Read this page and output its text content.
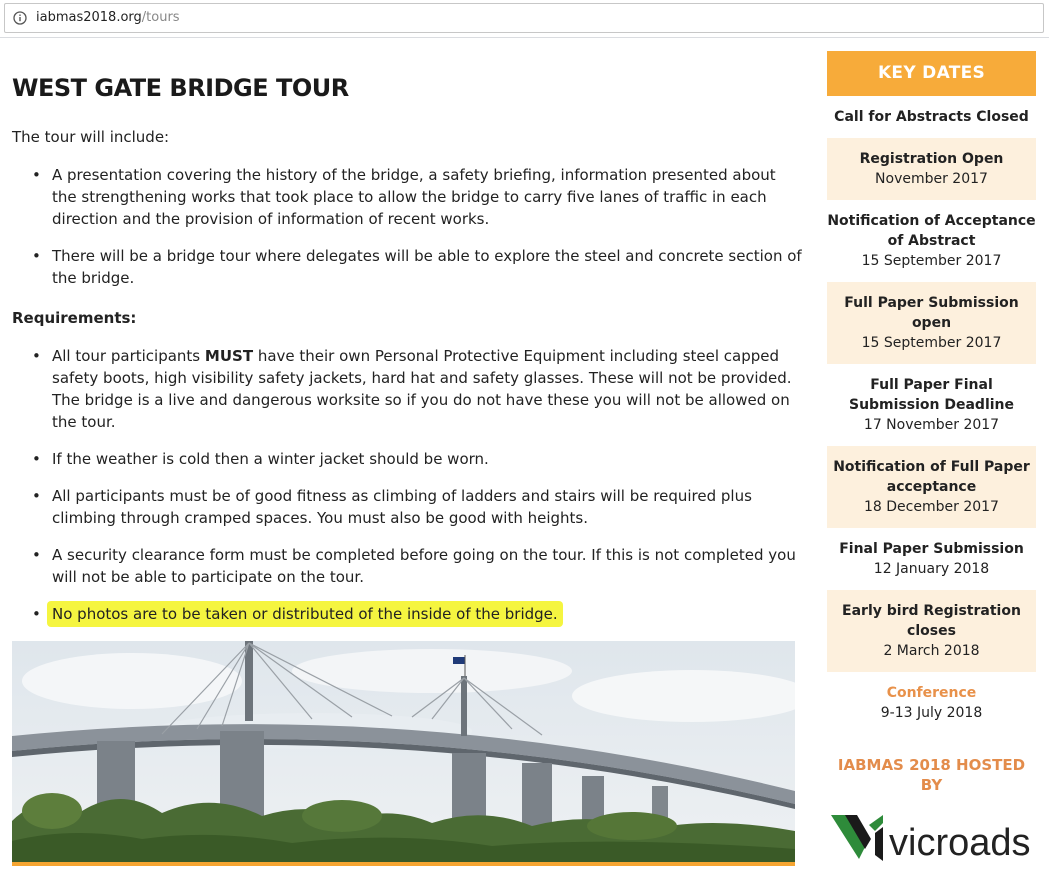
iabmas2018.org/tours
WEST GATE BRIDGE TOUR

The tour will include:

• A presentation covering the history of the bridge, a safety briefing, information presented about the strengthening works that took place to allow the bridge to carry five lanes of traffic in each direction and the provision of information of recent works.
• There will be a bridge tour where delegates will be able to explore the steel and concrete section of the bridge.

Requirements:

• All tour participants MUST have their own Personal Protective Equipment including steel capped safety boots, high visibility safety jackets, hard hat and safety glasses. These will not be provided. The bridge is a live and dangerous worksite so if you do not have these you will not be allowed on the tour.
• If the weather is cold then a winter jacket should be worn.
• All participants must be of good fitness as climbing of ladders and stairs will be required plus climbing through cramped spaces. You must also be good with heights.
• A security clearance form must be completed before going on the tour. If this is not completed you will not be able to participate on the tour.
• No photos are to be taken or distributed of the inside of the bridge.
KEY DATES
Call for Abstracts Closed
Registration Open
November 2017
Notification of Acceptance of Abstract
15 September 2017
Full Paper Submission open
15 September 2017
Full Paper Final Submission Deadline
17 November 2017
Notification of Full Paper acceptance
18 December 2017
Final Paper Submission
12 January 2018
Early bird Registration closes
2 March 2018
Conference
9-13 July 2018
IABMAS 2018 HOSTED BY
vicroads
